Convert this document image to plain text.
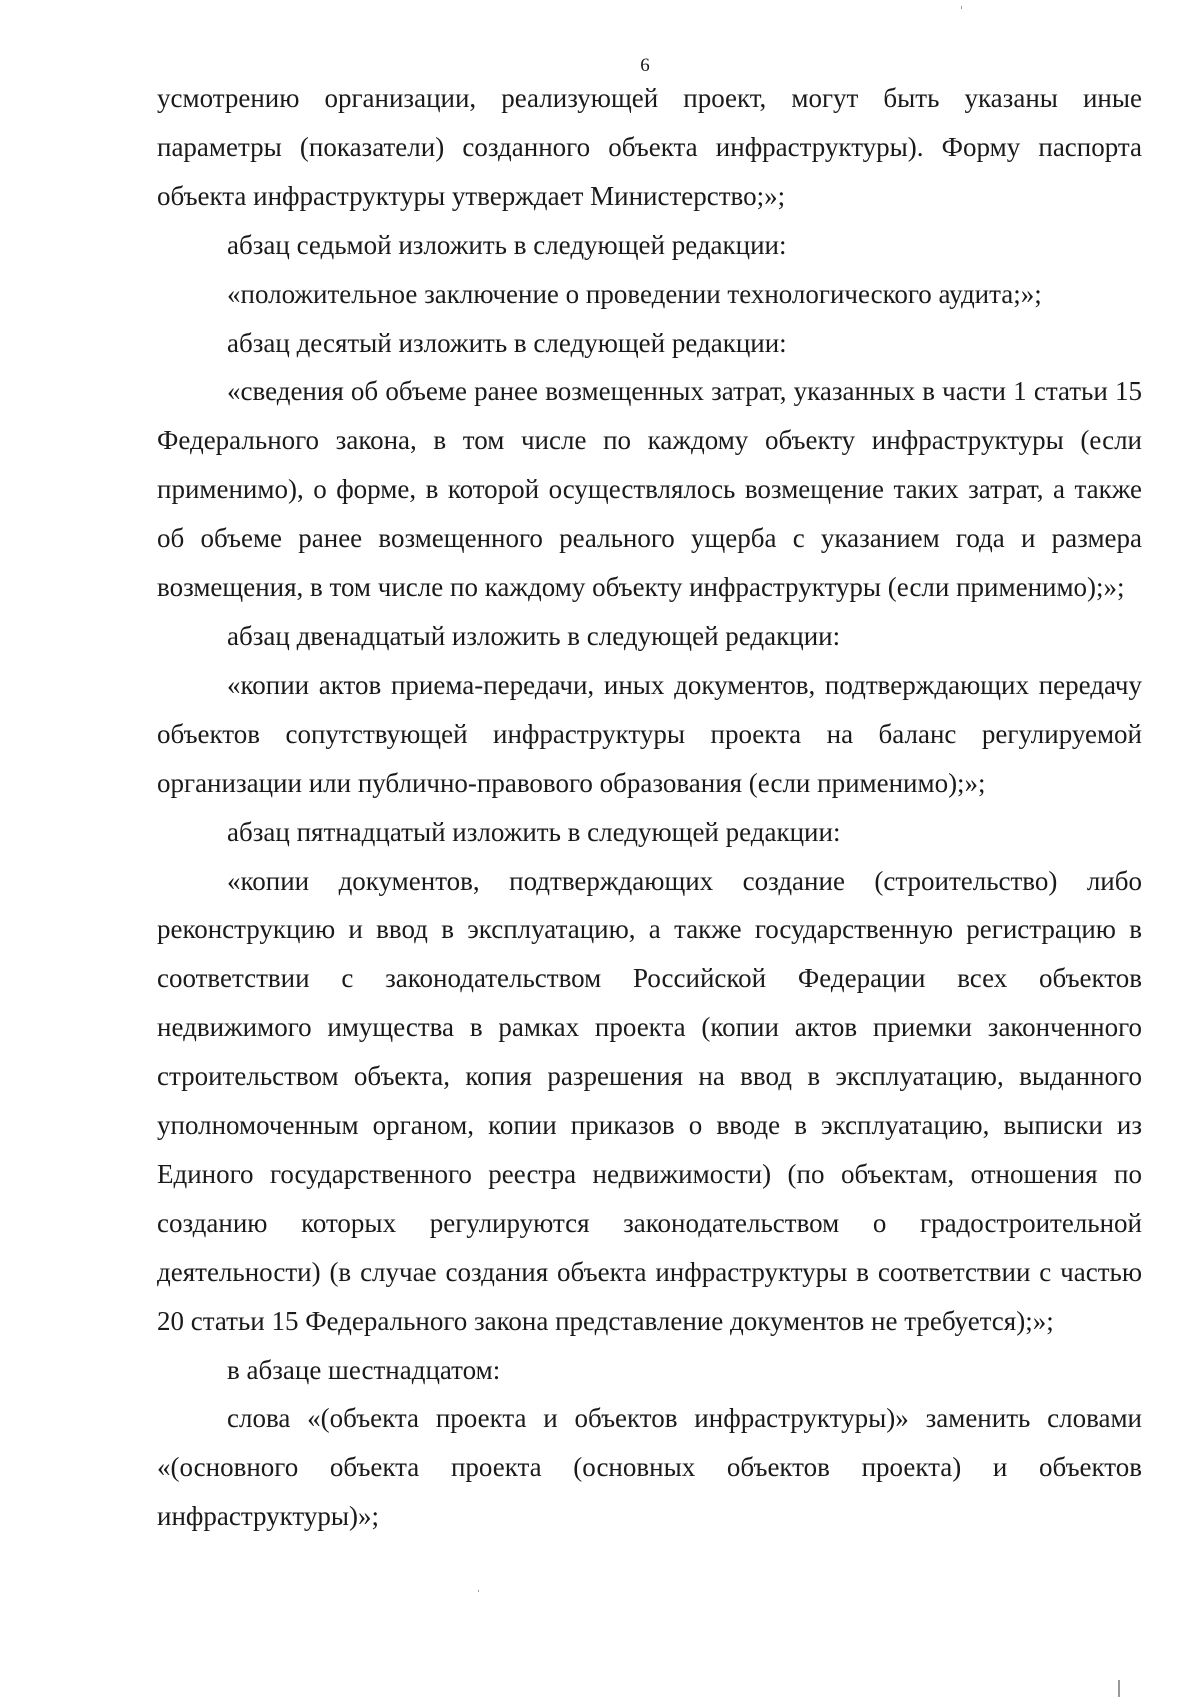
6

усмотрению организации, реализующей проект, могут быть указаны иные параметры (показатели) созданного объекта инфраструктуры). Форму паспорта объекта инфраструктуры утверждает Министерство;»;

абзац седьмой изложить в следующей редакции:

«положительное заключение о проведении технологического аудита;»;

абзац десятый изложить в следующей редакции:

«сведения об объеме ранее возмещенных затрат, указанных в части 1 статьи 15 Федерального закона, в том числе по каждому объекту инфраструктуры (если применимо), о форме, в которой осуществлялось возмещение таких затрат, а также об объеме ранее возмещенного реального ущерба с указанием года и размера возмещения, в том числе по каждому объекту инфраструктуры (если применимо);»;

абзац двенадцатый изложить в следующей редакции:

«копии актов приема-передачи, иных документов, подтверждающих передачу объектов сопутствующей инфраструктуры проекта на баланс регулируемой организации или публично-правового образования (если применимо);»;

абзац пятнадцатый изложить в следующей редакции:

«копии документов, подтверждающих создание (строительство) либо реконструкцию и ввод в эксплуатацию, а также государственную регистрацию в соответствии с законодательством Российской Федерации всех объектов недвижимого имущества в рамках проекта (копии актов приемки законченного строительством объекта, копия разрешения на ввод в эксплуатацию, выданного уполномоченным органом, копии приказов о вводе в эксплуатацию, выписки из Единого государственного реестра недвижимости) (по объектам, отношения по созданию которых регулируются законодательством о градостроительной деятельности) (в случае создания объекта инфраструктуры в соответствии с частью 20 статьи 15 Федерального закона представление документов не требуется);»;

в абзаце шестнадцатом:

слова «(объекта проекта и объектов инфраструктуры)» заменить словами «(основного объекта проекта (основных объектов проекта) и объектов инфраструктуры)»;
